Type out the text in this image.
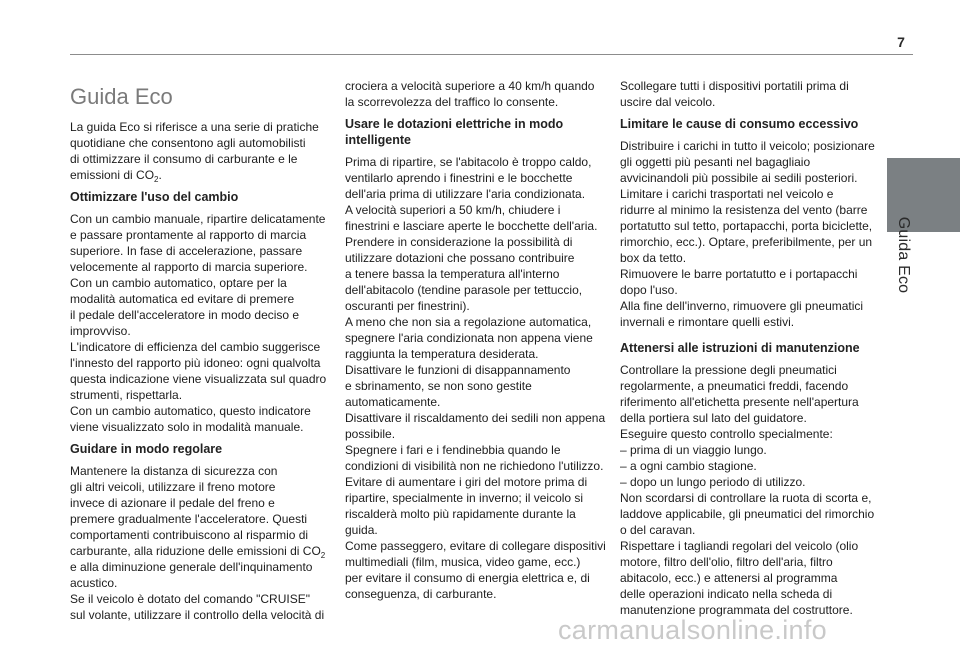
7
Guida Eco
Guida Eco

La guida Eco si riferisce a una serie di pratiche
quotidiane che consentono agli automobilisti
di ottimizzare il consumo di carburante e le
emissioni di $CO_2$.

Ottimizzare l'uso del cambio

Con un cambio manuale, ripartire delicatamente
e passare prontamente al rapporto di marcia
superiore. In fase di accelerazione, passare
velocemente al rapporto di marcia superiore.
Con un cambio automatico, optare per la
modalità automatica ed evitare di premere
il pedale dell'acceleratore in modo deciso e
improvviso.
L'indicatore di efficienza del cambio suggerisce
l'innesto del rapporto più idoneo: ogni qualvolta
questa indicazione viene visualizzata sul quadro
strumenti, rispettarla.
Con un cambio automatico, questo indicatore
viene visualizzato solo in modalità manuale.

Guidare in modo regolare

Mantenere la distanza di sicurezza con
gli altri veicoli, utilizzare il freno motore
invece di azionare il pedale del freno e
premere gradualmente l'acceleratore. Questi
comportamenti contribuiscono al risparmio di
carburante, alla riduzione delle emissioni di $CO_2$
e alla diminuzione generale dell'inquinamento
acustico.
Se il veicolo è dotato del comando "CRUISE"
sul volante, utilizzare il controllo della velocità di

crociera a velocità superiore a 40 km/h quando
la scorrevolezza del traffico lo consente.

Usare le dotazioni elettriche in modo
intelligente

Prima di ripartire, se l'abitacolo è troppo caldo,
ventilarlo aprendo i finestrini e le bocchette
dell'aria prima di utilizzare l'aria condizionata.
A velocità superiori a 50 km/h, chiudere i
finestrini e lasciare aperte le bocchette dell'aria.
Prendere in considerazione la possibilità di
utilizzare dotazioni che possano contribuire
a tenere bassa la temperatura all'interno
dell'abitacolo (tendine parasole per tettuccio,
oscuranti per finestrini).
A meno che non sia a regolazione automatica,
spegnere l'aria condizionata non appena viene
raggiunta la temperatura desiderata.
Disattivare le funzioni di disappannamento
e sbrinamento, se non sono gestite
automaticamente.
Disattivare il riscaldamento dei sedili non appena
possibile.
Spegnere i fari e i fendinebbia quando le
condizioni di visibilità non ne richiedono l'utilizzo.
Evitare di aumentare i giri del motore prima di
ripartire, specialmente in inverno; il veicolo si
riscalderà molto più rapidamente durante la
guida.
Come passeggero, evitare di collegare dispositivi
multimediali (film, musica, video game, ecc.)
per evitare il consumo di energia elettrica e, di
conseguenza, di carburante.

Scollegare tutti i dispositivi portatili prima di
uscire dal veicolo.

Limitare le cause di consumo eccessivo

Distribuire i carichi in tutto il veicolo; posizionare
gli oggetti più pesanti nel bagagliaio
avvicinandoli più possibile ai sedili posteriori.
Limitare i carichi trasportati nel veicolo e
ridurre al minimo la resistenza del vento (barre
portatutto sul tetto, portapacchi, porta biciclette,
rimorchio, ecc.). Optare, preferibilmente, per un
box da tetto.
Rimuovere le barre portatutto e i portapacchi
dopo l'uso.
Alla fine dell'inverno, rimuovere gli pneumatici
invernali e rimontare quelli estivi.

Attenersi alle istruzioni di manutenzione

Controllare la pressione degli pneumatici
regolarmente, a pneumatici freddi, facendo
riferimento all'etichetta presente nell'apertura
della portiera sul lato del guidatore.
Eseguire questo controllo specialmente:
– prima di un viaggio lungo.
– a ogni cambio stagione.
– dopo un lungo periodo di utilizzo.
Non scordarsi di controllare la ruota di scorta e,
laddove applicabile, gli pneumatici del rimorchio
o del caravan.
Rispettare i tagliandi regolari del veicolo (olio
motore, filtro dell'olio, filtro dell'aria, filtro
abitacolo, ecc.) e attenersi al programma
delle operazioni indicato nella scheda di
manutenzione programmata del costruttore.

carmanualsonline.info
